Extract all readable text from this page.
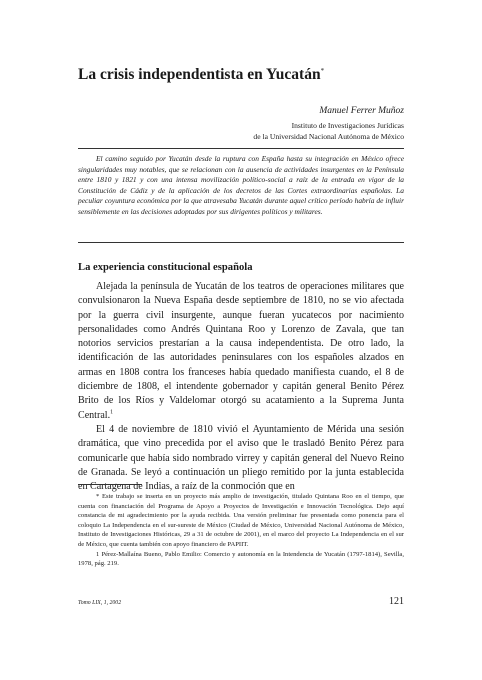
La crisis independentista en Yucatán*
Manuel Ferrer Muñoz
Instituto de Investigaciones Jurídicas
de la Universidad Nacional Autónoma de México

El camino seguido por Yucatán desde la ruptura con España hasta su integración en México ofrece singularidades muy notables, que se relacionan con la ausencia de actividades insurgentes en la Península entre 1810 y 1821 y con una intensa movilización político-social a raíz de la entrada en vigor de la Constitución de Cádiz y de la aplicación de los decretos de las Cortes extraordinarias españolas. La peculiar coyuntura económica por la que atravesaba Yucatán durante aquel crítico período habría de influir sensiblemente en las decisiones adoptadas por sus dirigentes políticos y militares.

La experiencia constitucional española

Alejada la península de Yucatán de los teatros de operaciones militares que convulsionaron la Nueva España desde septiembre de 1810, no se vio afectada por la guerra civil insurgente, aunque fueran yucatecos por nacimiento personalidades como Andrés Quintana Roo y Lorenzo de Zavala, que tan notorios servicios prestarían a la causa independentista. De otro lado, la identificación de las autoridades peninsulares con los españoles alzados en armas en 1808 contra los franceses había quedado manifiesta cuando, el 8 de diciembre de 1808, el intendente gobernador y capitán general Benito Pérez Brito de los Ríos y Valdelomar otorgó su acatamiento a la Suprema Junta Central.$^1$

El 4 de noviembre de 1810 vivió el Ayuntamiento de Mérida una sesión dramática, que vino precedida por el aviso que le trasladó Benito Pérez para comunicarle que había sido nombrado virrey y capitán general del Nuevo Reino de Granada. Se leyó a continuación un pliego remitido por la junta establecida en Cartagena de Indias, a raíz de la conmoción que en

* Este trabajo se inserta en un proyecto más amplio de investigación, titulado Quintana Roo en el tiempo, que cuenta con financiación del Programa de Apoyo a Proyectos de Investigación e Innovación Tecnológica. Dejo aquí constancia de mi agradecimiento por la ayuda recibida. Una versión preliminar fue presentada como ponencia para el coloquio La Independencia en el sur-sureste de México (Ciudad de México, Universidad Nacional Autónoma de México, Instituto de Investigaciones Históricas, 29 a 31 de octubre de 2001), en el marco del proyecto La Independencia en el sur de México, que cuenta también con apoyo financiero de PAPIIT.

1 Pérez-Mallaína Bueno, Pablo Emilio: Comercio y autonomía en la Intendencia de Yucatán (1797-1814), Sevilla, 1978, pág. 219.

Tomo LIX, 1, 2002	121
